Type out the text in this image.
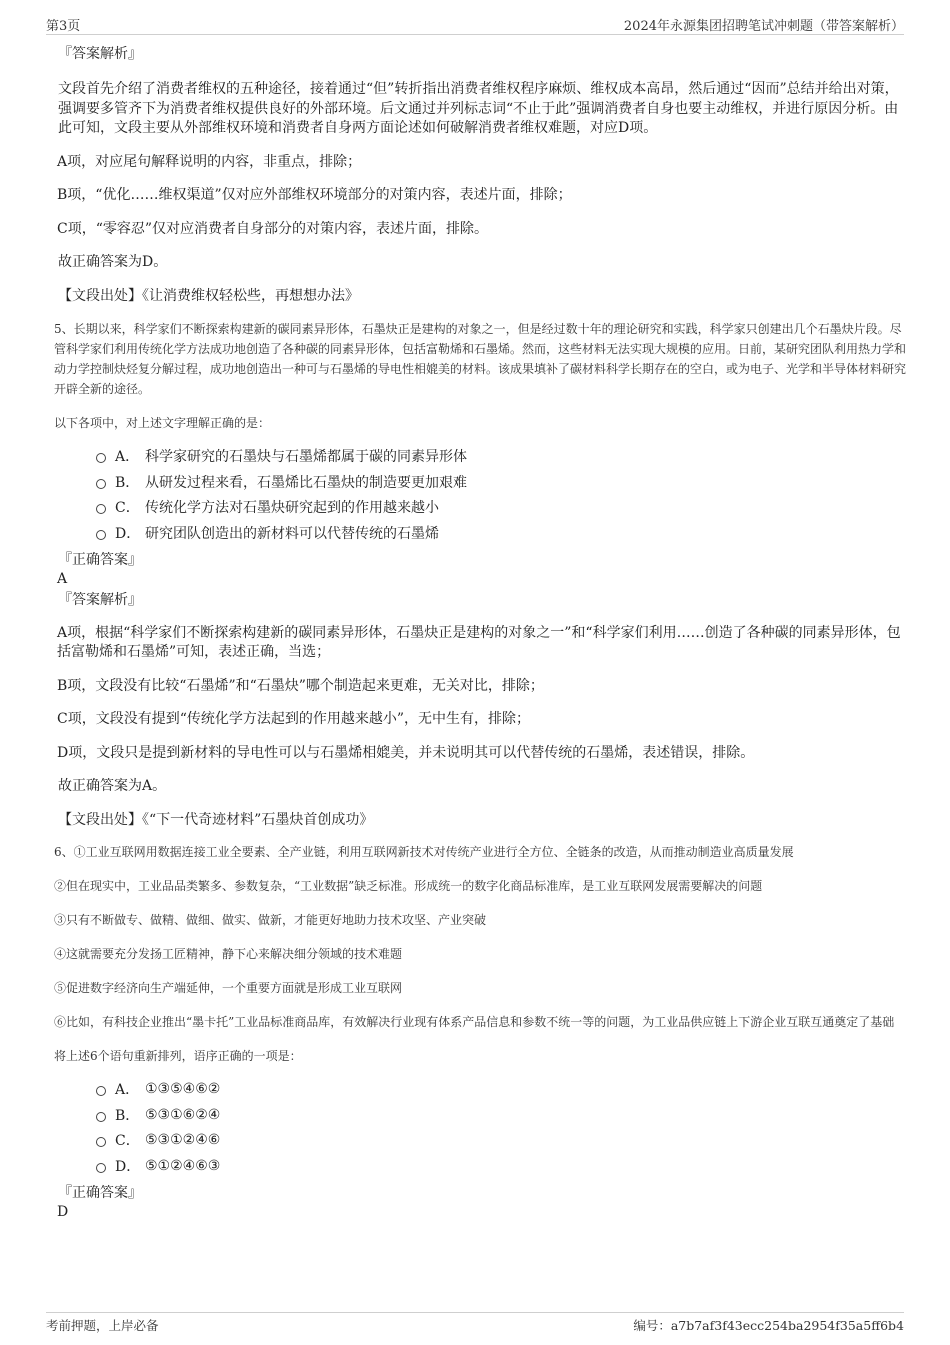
第3页	2024年永源集团招聘笔试冲刺题（带答案解析）
『答案解析』
文段首先介绍了消费者维权的五种途径，接着通过“但”转折指出消费者维权程序麻烦、维权成本高昂，然后通过“因而”总结并给出对策，强调要多管齐下为消费者维权提供良好的外部环境。后文通过并列标志词“不止于此”强调消费者自身也要主动维权，并进行原因分析。由此可知，文段主要从外部维权环境和消费者自身两方面论述如何破解消费者维权难题，对应D项。
A项，对应尾句解释说明的内容，非重点，排除；
B项，“优化……维权渠道”仅对应外部维权环境部分的对策内容，表述片面，排除；
C项，“零容忍”仅对应消费者自身部分的对策内容，表述片面，排除。
故正确答案为D。
【文段出处】《让消费维权轻松些，再想想办法》
5、长期以来，科学家们不断探索构建新的碳同素异形体，石墨炔正是建构的对象之一，但是经过数十年的理论研究和实践，科学家只创建出几个石墨炔片段。尽管科学家们利用传统化学方法成功地创造了各种碳的同素异形体，包括富勒烯和石墨烯。然而，这些材料无法实现大规模的应用。日前，某研究团队利用热力学和动力学控制炔烃复分解过程，成功地创造出一种可与石墨烯的导电性相媲美的材料。该成果填补了碳材料科学长期存在的空白，或为电子、光学和半导体材料研究开辟全新的途径。
以下各项中，对上述文字理解正确的是：
A． 科学家研究的石墨炔与石墨烯都属于碳的同素异形体
B． 从研发过程来看，石墨烯比石墨炔的制造要更加艰难
C． 传统化学方法对石墨炔研究起到的作用越来越小
D． 研究团队创造出的新材料可以代替传统的石墨烯
『正确答案』
A
『答案解析』
A项，根据“科学家们不断探索构建新的碳同素异形体，石墨炔正是建构的对象之一”和“科学家们利用……创造了各种碳的同素异形体，包括富勒烯和石墨烯”可知，表述正确，当选；
B项，文段没有比较“石墨烯”和“石墨炔”哪个制造起来更难，无关对比，排除；
C项，文段没有提到“传统化学方法起到的作用越来越小”，无中生有，排除；
D项，文段只是提到新材料的导电性可以与石墨烯相媲美，并未说明其可以代替传统的石墨烯，表述错误，排除。
故正确答案为A。
【文段出处】《“下一代奇迹材料”石墨炔首创成功》
6、①工业互联网用数据连接工业全要素、全产业链，利用互联网新技术对传统产业进行全方位、全链条的改造，从而推动制造业高质量发展
②但在现实中，工业品品类繁多、参数复杂，“工业数据”缺乏标准。形成统一的数字化商品标准库，是工业互联网发展需要解决的问题
③只有不断做专、做精、做细、做实、做新，才能更好地助力技术攻坚、产业突破
④这就需要充分发扬工匠精神，静下心来解决细分领域的技术难题
⑤促进数字经济向生产端延伸，一个重要方面就是形成工业互联网
⑥比如，有科技企业推出“墨卡托”工业品标准商品库，有效解决行业现有体系产品信息和参数不统一等的问题，为工业品供应链上下游企业互联互通奠定了基础
将上述6个语句重新排列，语序正确的一项是：
A． ①③⑤④⑥②
B． ⑤③①⑥②④
C． ⑤③①②④⑥
D． ⑤①②④⑥③
『正确答案』
D
考前押题，上岸必备	编号：a7b7af3f43ecc254ba2954f35a5ff6b4
